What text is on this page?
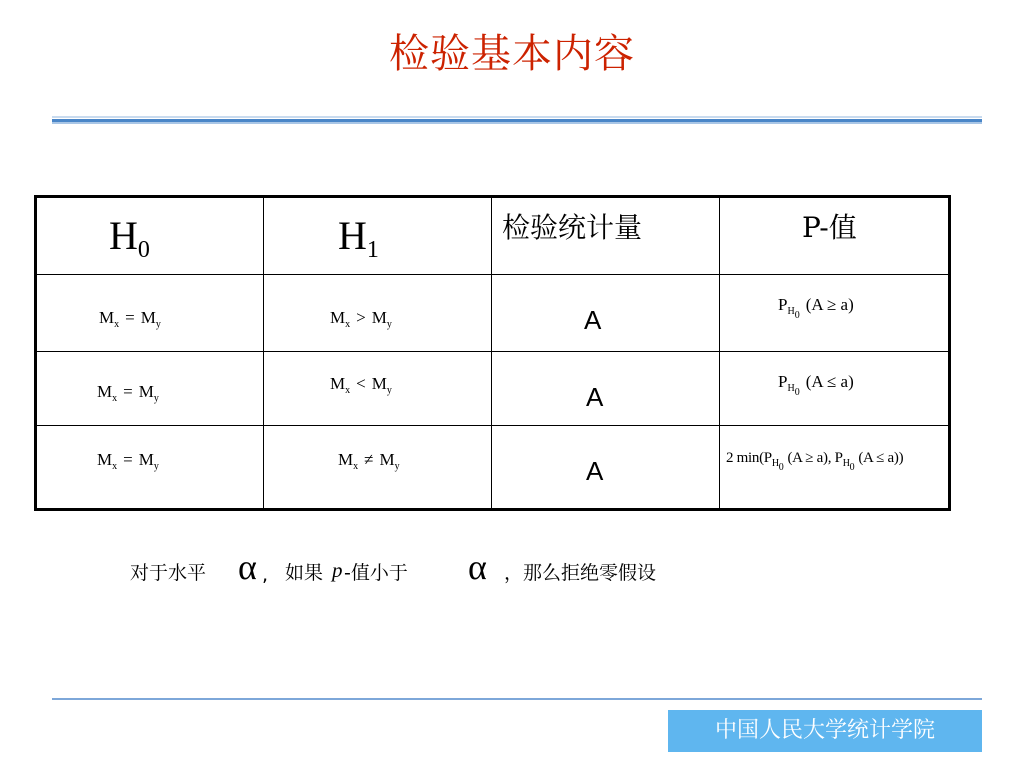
检验基本内容
$H_0$	$H_1$	检验统计量	P-值

$M_x = M_y$	$M_x > M_y$	A	$P_{H_0}(A \ge a)$

$M_x = M_y$	$M_x < M_y$	A	$P_{H_0}(A \le a)$

$M_x = M_y$	$M_x \ne M_y$	A	2 $\min(P_{H_0}(A \ge a)$, $P_{H_0}(A \le a)$)
对于水平 α , 如果 p -值小于 α ，那么拒绝零假设
中国人民大学统计学院
